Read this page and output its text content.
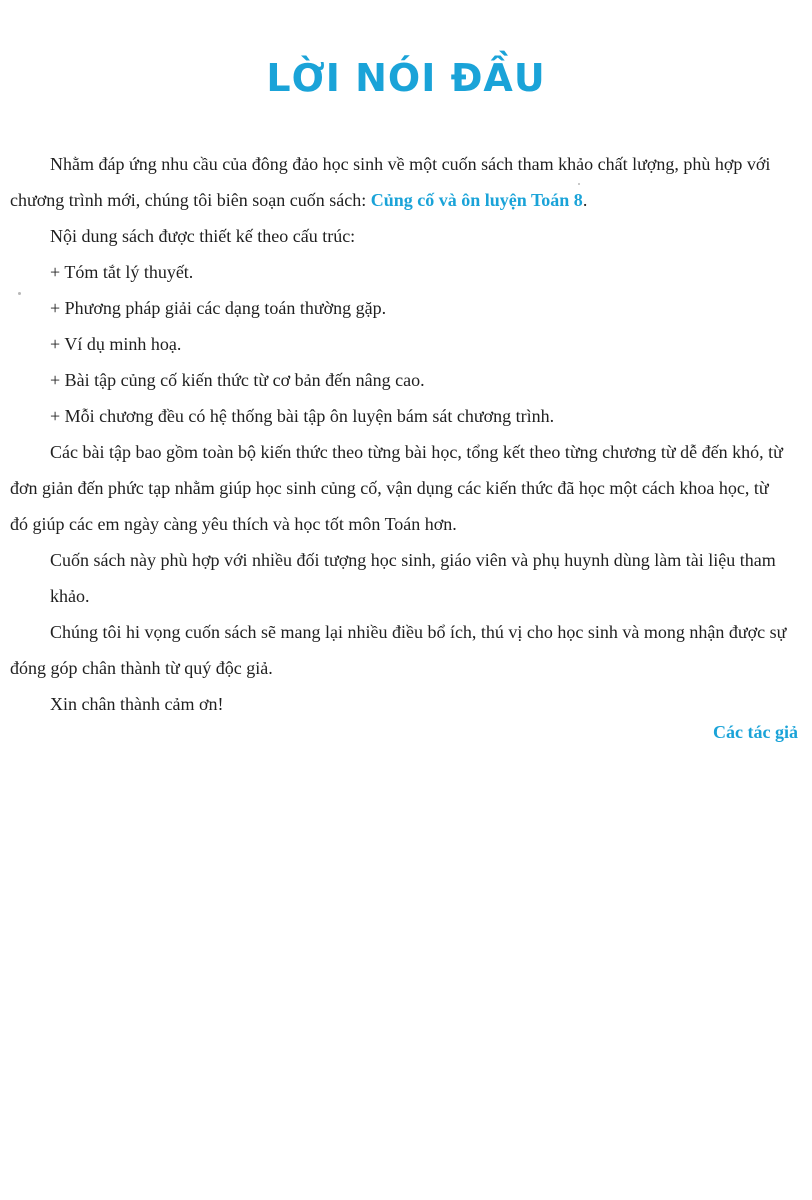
LỜI NÓI ĐẦU

Nhằm đáp ứng nhu cầu của đông đảo học sinh về một cuốn sách tham khảo chất lượng, phù hợp với

chương trình mới, chúng tôi biên soạn cuốn sách: Củng cố và ôn luyện Toán 8.

Nội dung sách được thiết kế theo cấu trúc:

+ Tóm tắt lý thuyết.

+ Phương pháp giải các dạng toán thường gặp.

+ Ví dụ minh hoạ.

+ Bài tập củng cố kiến thức từ cơ bản đến nâng cao.

+ Mỗi chương đều có hệ thống bài tập ôn luyện bám sát chương trình.

Các bài tập bao gồm toàn bộ kiến thức theo từng bài học, tổng kết theo từng chương từ dễ đến khó, từ

đơn giản đến phức tạp nhằm giúp học sinh củng cố, vận dụng các kiến thức đã học một cách khoa học, từ

đó giúp các em ngày càng yêu thích và học tốt môn Toán hơn.

Cuốn sách này phù hợp với nhiều đối tượng học sinh, giáo viên và phụ huynh dùng làm tài liệu tham khảo.

Chúng tôi hi vọng cuốn sách sẽ mang lại nhiều điều bổ ích, thú vị cho học sinh và mong nhận được sự

đóng góp chân thành từ quý độc giả.

Xin chân thành cảm ơn!

Các tác giả
